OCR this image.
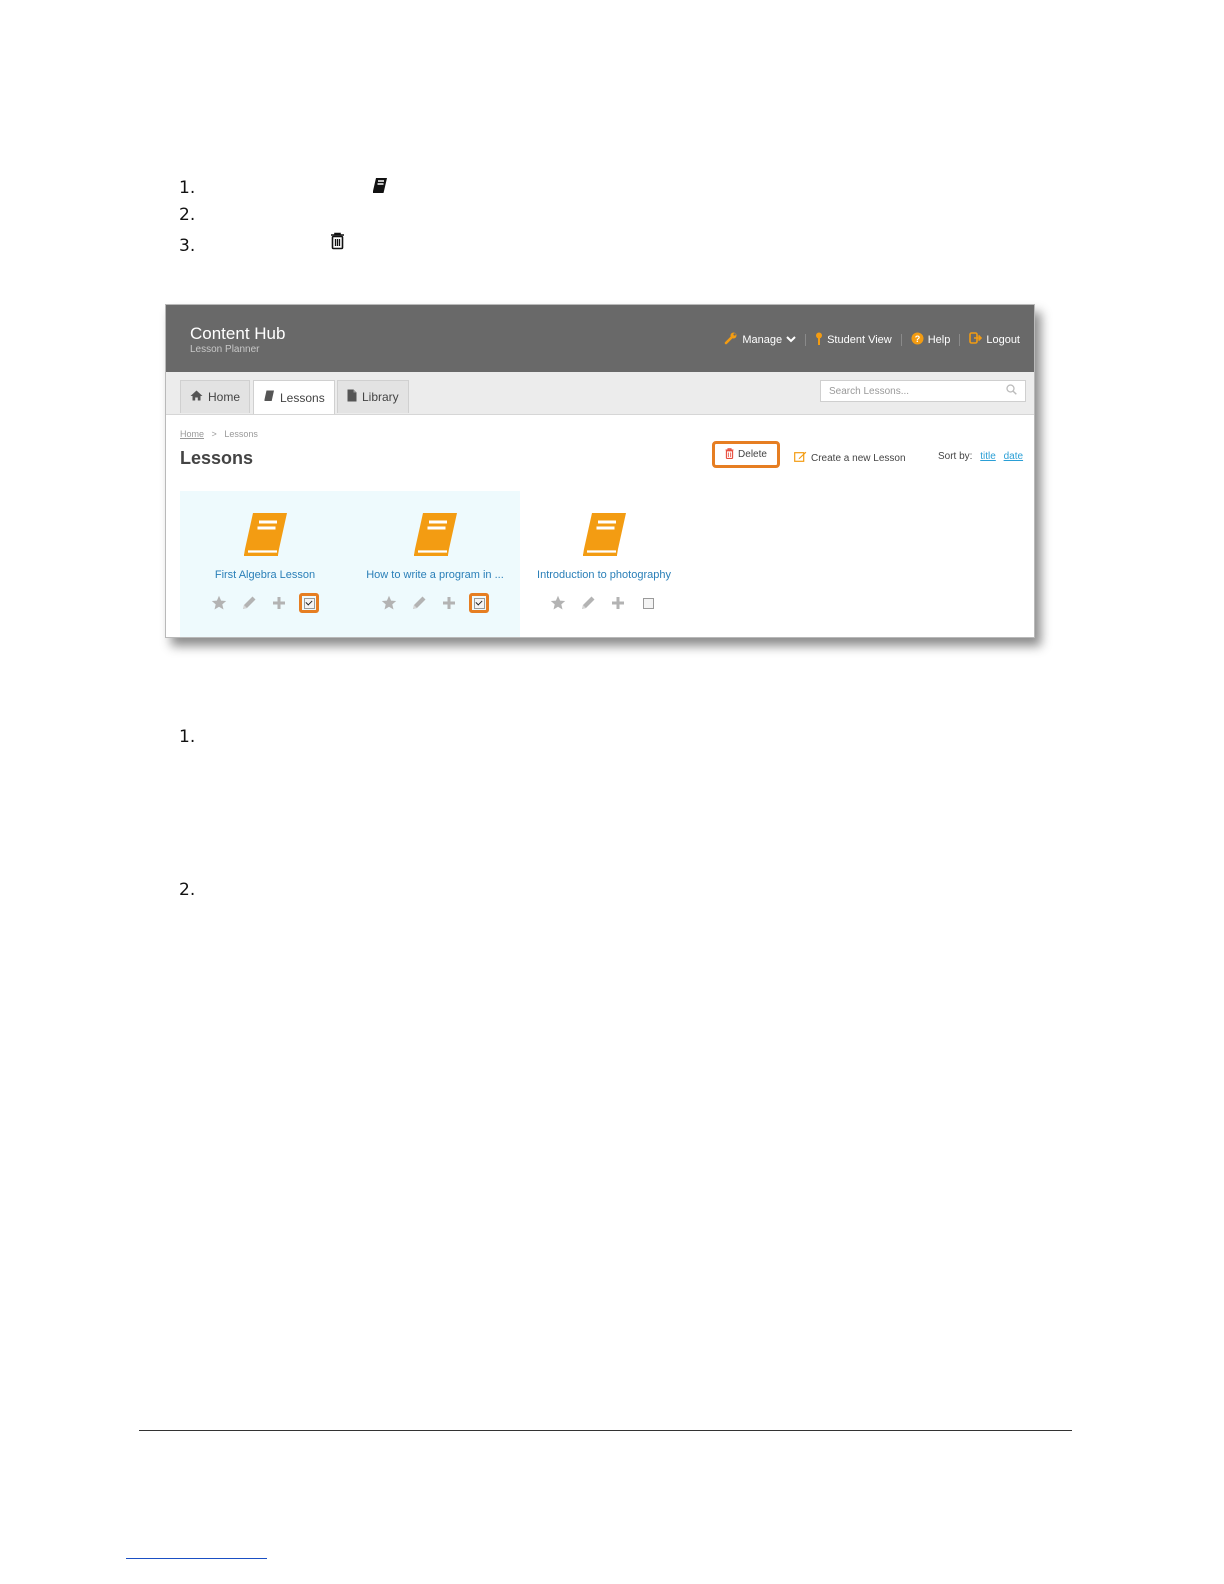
1.
2.
3.
Content Hub
Lesson Planner
Manage	Student View	? Help	Logout
Home	Lessons	Library	Search Lessons...
Home > Lessons
Lessons	Delete	Create a new Lesson	Sort by: title date
First Algebra Lesson	How to write a program in ...	Introduction to photography
1.
2.
